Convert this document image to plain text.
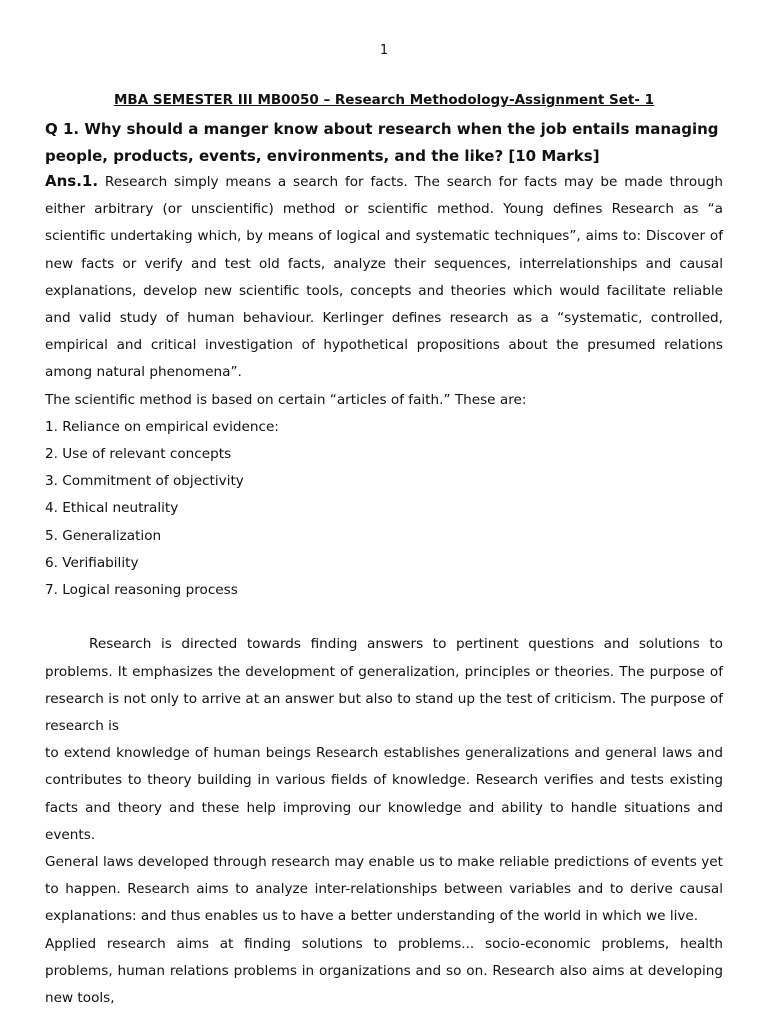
1
MBA SEMESTER III MB0050 – Research Methodology-Assignment Set- 1
Q 1. Why should a manger know about research when the job entails managing people, products, events, environments, and the like? [10 Marks]

Ans.1. Research simply means a search for facts. The search for facts may be made through either arbitrary (or unscientific) method or scientific method. Young defines Research as “a scientific undertaking which, by means of logical and systematic techniques”, aims to: Discover of new facts or verify and test old facts, analyze their sequences, interrelationships and causal explanations, develop new scientific tools, concepts and theories which would facilitate reliable and valid study of human behaviour. Kerlinger defines research as a “systematic, controlled, empirical and critical investigation of hypothetical propositions about the presumed relations among natural phenomena”.

The scientific method is based on certain “articles of faith.” These are:

1. Reliance on empirical evidence:
2. Use of relevant concepts
3. Commitment of objectivity
4. Ethical neutrality
5. Generalization
6. Verifiability
7. Logical reasoning process

Research is directed towards finding answers to pertinent questions and solutions to problems. It emphasizes the development of generalization, principles or theories. The purpose of research is not only to arrive at an answer but also to stand up the test of criticism. The purpose of research is

to extend knowledge of human beings Research establishes generalizations and general laws and contributes to theory building in various fields of knowledge. Research verifies and tests existing facts and theory and these help improving our knowledge and ability to handle situations and events.

General laws developed through research may enable us to make reliable predictions of events yet to happen. Research aims to analyze inter-relationships between variables and to derive causal explanations: and thus enables us to have a better understanding of the world in which we live.

Applied research aims at finding solutions to problems... socio-economic problems, health problems, human relations problems in organizations and so on. Research also aims at developing new tools,
